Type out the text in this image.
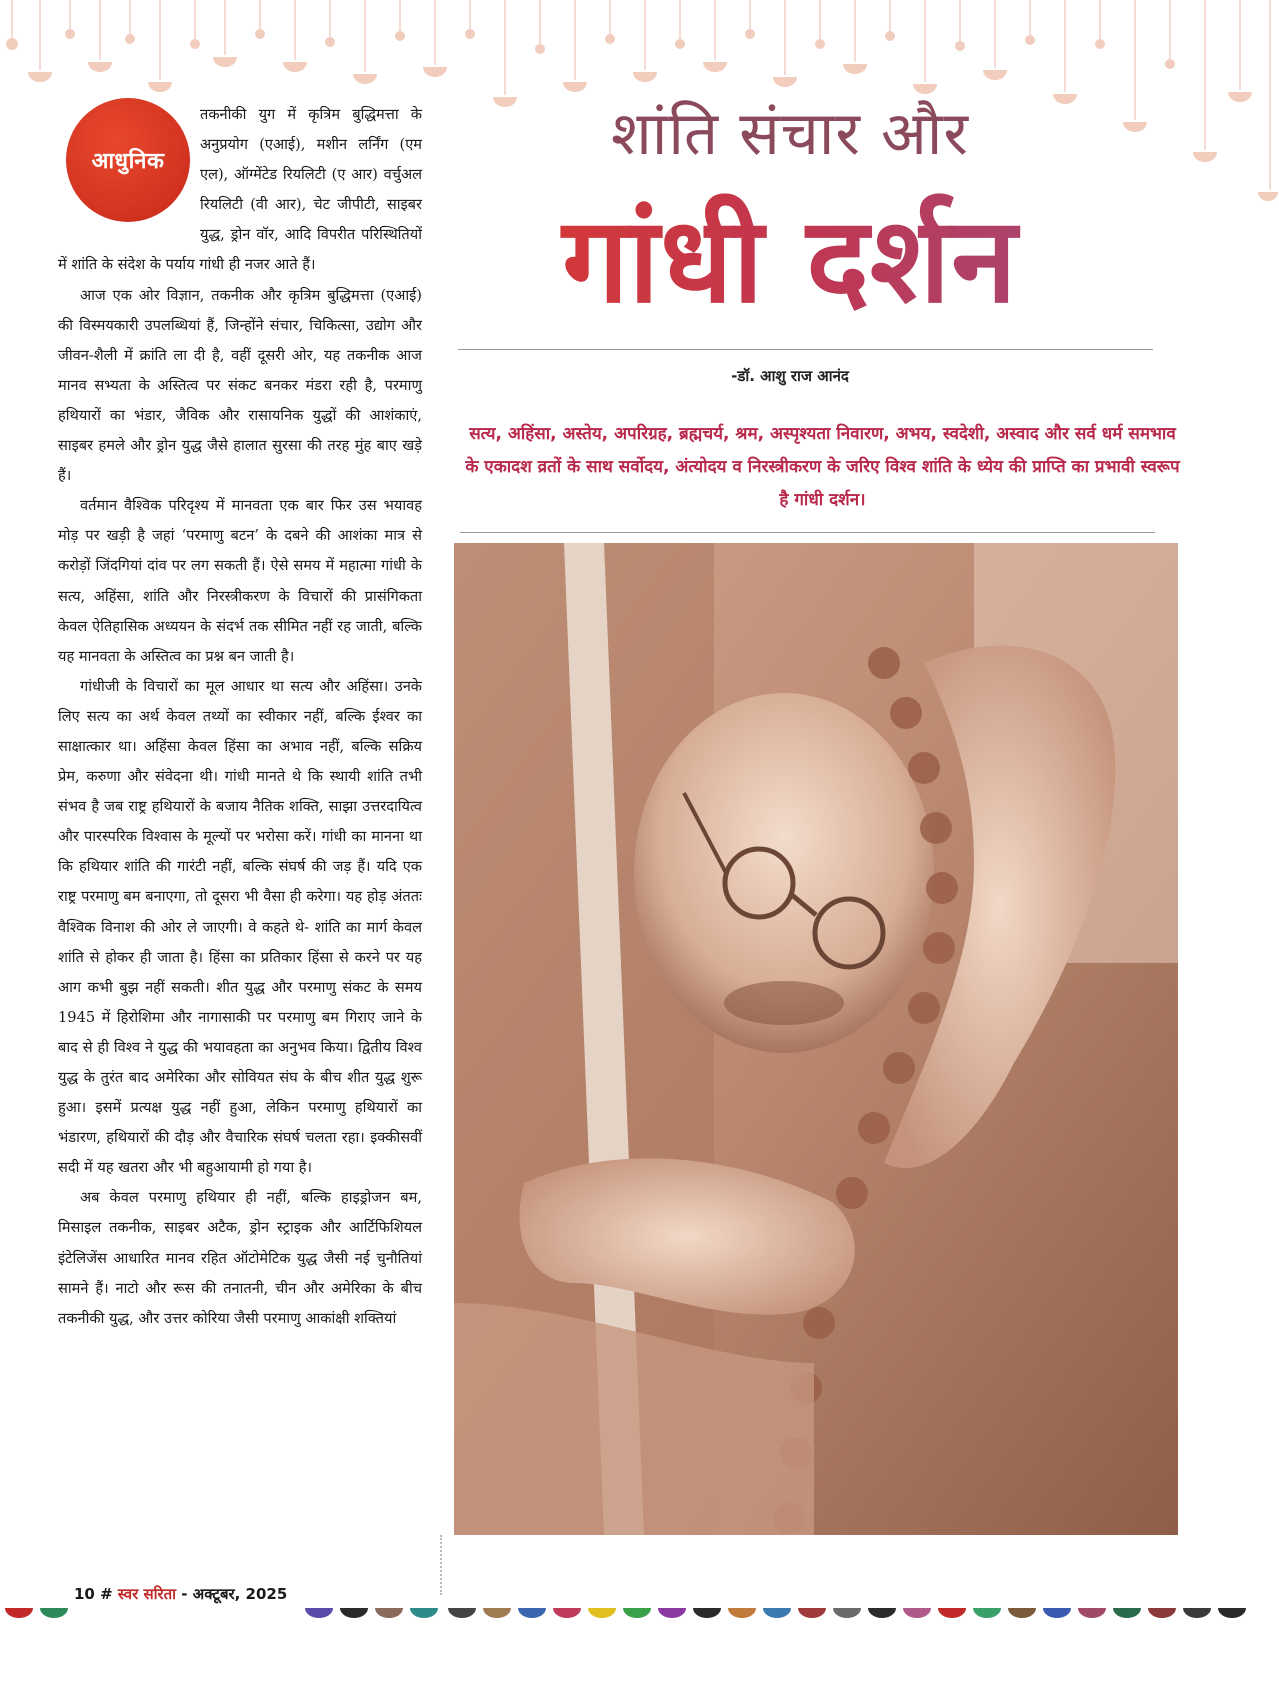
आधुनिक

तकनीकी युग में कृत्रिम बुद्धिमत्ता के अनुप्रयोग (एआई), मशीन लर्निंग (एम एल), ऑग्मेंटेड रियलिटी (ए आर) वर्चुअल रियलिटी (वी आर), चेट जीपीटी, साइबर युद्ध, ड्रोन वॉर, आदि विपरीत परिस्थितियों में शांति के संदेश के पर्याय गांधी ही नजर आते हैं।

आज एक ओर विज्ञान, तकनीक और कृत्रिम बुद्धिमत्ता (एआई) की विस्मयकारी उपलब्धियां हैं, जिन्होंने संचार, चिकित्सा, उद्योग और जीवन-शैली में क्रांति ला दी है, वहीं दूसरी ओर, यह तकनीक आज मानव सभ्यता के अस्तित्व पर संकट बनकर मंडरा रही है, परमाणु हथियारों का भंडार, जैविक और रासायनिक युद्धों की आशंकाएं, साइबर हमले और ड्रोन युद्ध जैसे हालात सुरसा की तरह मुंह बाए खड़े हैं।

वर्तमान वैश्विक परिदृश्य में मानवता एक बार फिर उस भयावह मोड़ पर खड़ी है जहां ‘परमाणु बटन’ के दबने की आशंका मात्र से करोड़ों जिंदगियां दांव पर लग सकती हैं। ऐसे समय में महात्मा गांधी के सत्य, अहिंसा, शांति और निरस्त्रीकरण के विचारों की प्रासंगिकता केवल ऐतिहासिक अध्ययन के संदर्भ तक सीमित नहीं रह जाती, बल्कि यह मानवता के अस्तित्व का प्रश्न बन जाती है।

गांधीजी के विचारों का मूल आधार था सत्य और अहिंसा। उनके लिए सत्य का अर्थ केवल तथ्यों का स्वीकार नहीं, बल्कि ईश्वर का साक्षात्कार था। अहिंसा केवल हिंसा का अभाव नहीं, बल्कि सक्रिय प्रेम, करुणा और संवेदना थी। गांधी मानते थे कि स्थायी शांति तभी संभव है जब राष्ट्र हथियारों के बजाय नैतिक शक्ति, साझा उत्तरदायित्व और पारस्परिक विश्वास के मूल्यों पर भरोसा करें। गांधी का मानना था कि हथियार शांति की गारंटी नहीं, बल्कि संघर्ष की जड़ हैं। यदि एक राष्ट्र परमाणु बम बनाएगा, तो दूसरा भी वैसा ही करेगा। यह होड़ अंततः वैश्विक विनाश की ओर ले जाएगी। वे कहते थे- शांति का मार्ग केवल शांति से होकर ही जाता है। हिंसा का प्रतिकार हिंसा से करने पर यह आग कभी बुझ नहीं सकती। शीत युद्ध और परमाणु संकट के समय 1945 में हिरोशिमा और नागासाकी पर परमाणु बम गिराए जाने के बाद से ही विश्व ने युद्ध की भयावहता का अनुभव किया। द्वितीय विश्व युद्ध के तुरंत बाद अमेरिका और सोवियत संघ के बीच शीत युद्ध शुरू हुआ। इसमें प्रत्यक्ष युद्ध नहीं हुआ, लेकिन परमाणु हथियारों का भंडारण, हथियारों की दौड़ और वैचारिक संघर्ष चलता रहा। इक्कीसवीं सदी में यह खतरा और भी बहुआयामी हो गया है।

अब केवल परमाणु हथियार ही नहीं, बल्कि हाइड्रोजन बम, मिसाइल तकनीक, साइबर अटैक, ड्रोन स्ट्राइक और आर्टिफिशियल इंटेलिजेंस आधारित मानव रहित ऑटोमेटिक युद्ध जैसी नई चुनौतियां सामने हैं। नाटो और रूस की तनातनी, चीन और अमेरिका के बीच तकनीकी युद्ध, और उत्तर कोरिया जैसी परमाणु आकांक्षी शक्तियां

शांति संचार और
गांधी दर्शन
-डॉ. आशु राज आनंद
सत्य, अहिंसा, अस्तेय, अपरिग्रह, ब्रह्मचर्य, श्रम, अस्पृश्यता निवारण, अभय, स्वदेशी, अस्वाद और सर्व धर्म समभाव के एकादश व्रतों के साथ सर्वोदय, अंत्योदय व निरस्त्रीकरण के जरिए विश्व शांति के ध्येय की प्राप्ति का प्रभावी स्वरूप है गांधी दर्शन।
10 # स्वर सरिता - अक्टूबर, 2025
